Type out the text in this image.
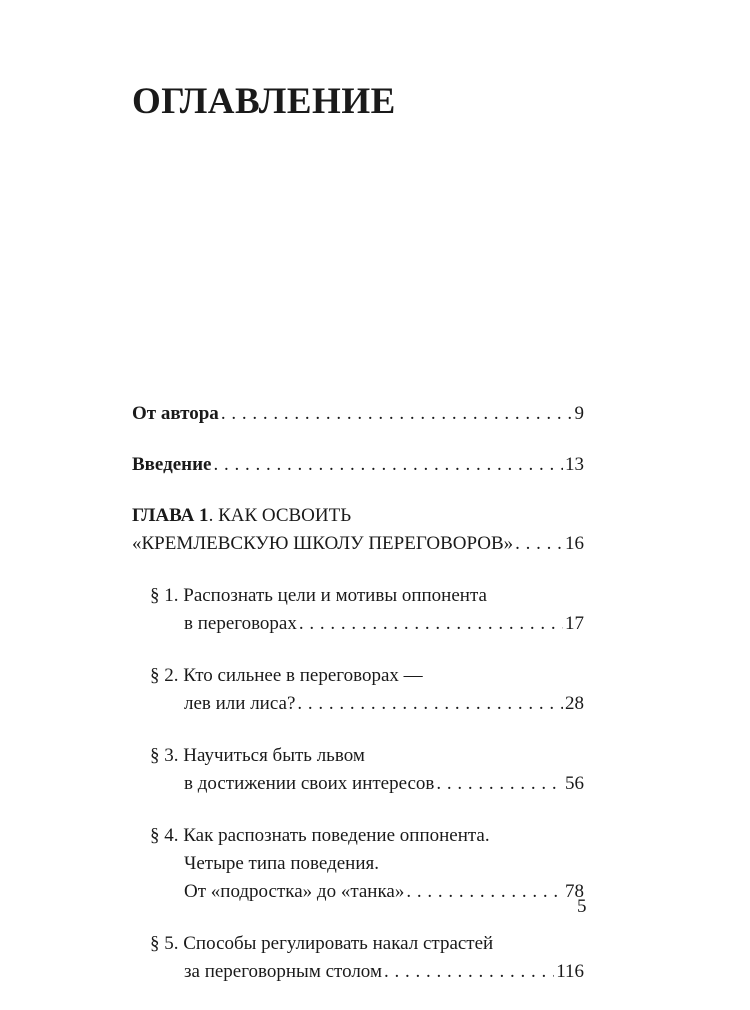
ОГЛАВЛЕНИЕ
От автора . . .	9
Введение . . .	13
ГЛАВА 1. КАК ОСВОИТЬ
«КРЕМЛЕВСКУЮ ШКОЛУ ПЕРЕГОВОРОВ» . . .	16
§ 1. Распознать цели и мотивы оппонента
в переговорах . . .	17
§ 2. Кто сильнее в переговорах —
лев или лиса? . . .	28
§ 3. Научиться быть львом
в достижении своих интересов . . .	56
§ 4. Как распознать поведение оппонента.
Четыре типа поведения.
От «подростка» до «танка» . . .	78
§ 5. Способы регулировать накал страстей
за переговорным столом . . .	116
5
